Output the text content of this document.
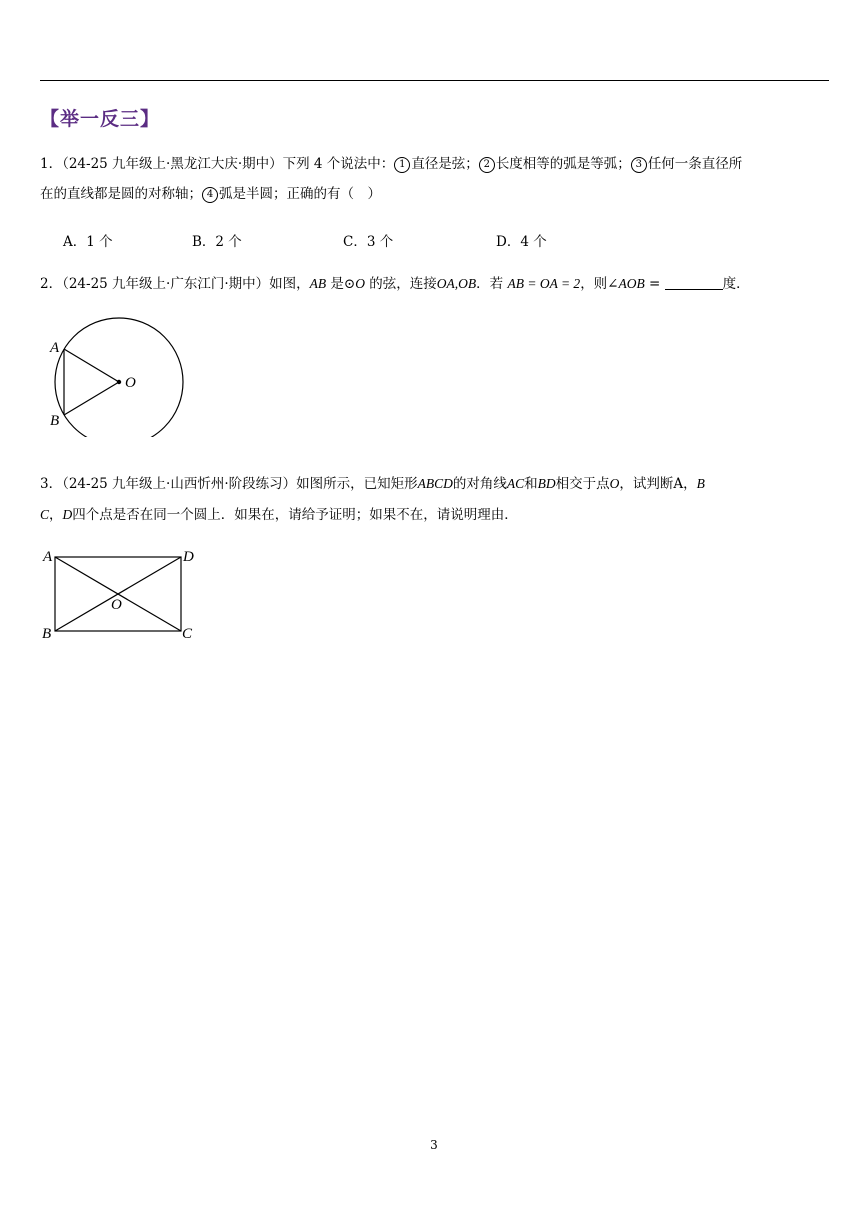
【举一反三】
1．（24-25 九年级上·黑龙江大庆·期中）下列 4 个说法中： 1 直径是弦； 2 长度相等的弧是等弧； 3 任何一条直径所
在的直线都是圆的对称轴； 4 弧是半圆；正确的有（　）
A．1 个	B．2 个	C．3 个	D．4 个
2．（24-25 九年级上·广东江门·期中）如图，AB 是⊙O 的弦，连接OA,OB．若 AB = OA = 2，则∠AOB =	度．
A
B
O
3．（24-25 九年级上·山西忻州·阶段练习）如图所示，已知矩形ABCD的对角线AC和BD相交于点O，试判断A，B
C，D四个点是否在同一个圆上．如果在，请给予证明；如果不在，请说明理由．
A	D
O
B	C
3
